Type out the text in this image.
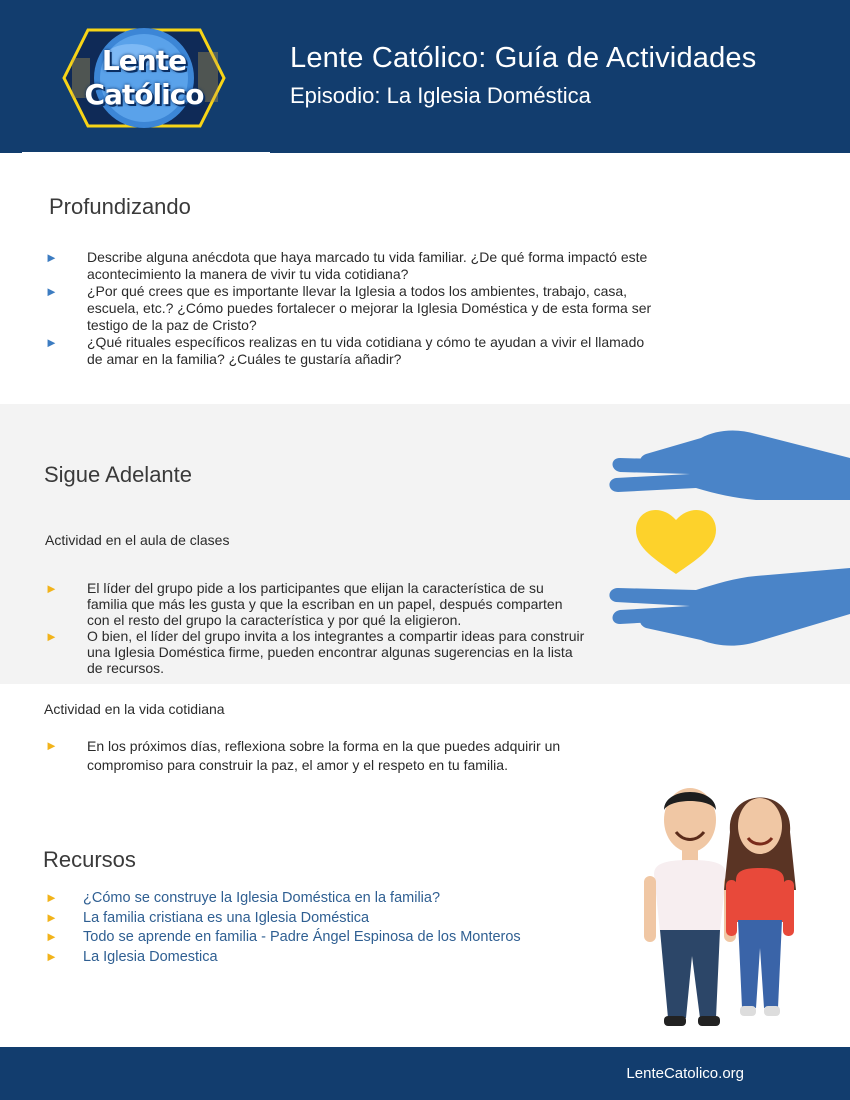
Lente
Católico
Lente Católico: Guía de Actividades
Episodio: La Iglesia Doméstica
Profundizando
► Describe alguna anécdota que haya marcado tu vida familiar. ¿De qué forma impactó este acontecimiento la manera de vivir tu vida cotidiana?
► ¿Por qué crees que es importante llevar la Iglesia a todos los ambientes, trabajo, casa, escuela, etc.? ¿Cómo puedes fortalecer o mejorar la Iglesia Doméstica y de esta forma ser testigo de la paz de Cristo?
► ¿Qué rituales específicos realizas en tu vida cotidiana y cómo te ayudan a vivir el llamado de amar en la familia? ¿Cuáles te gustaría añadir?
Sigue Adelante
Actividad en el aula de clases
► El líder del grupo pide a los participantes que elijan la característica de su familia que más les gusta y que la escriban en un papel, después comparten con el resto del grupo la característica y por qué la eligieron.
► O bien, el líder del grupo invita a los integrantes a compartir ideas para construir una Iglesia Doméstica firme, pueden encontrar algunas sugerencias en la lista de recursos.
Actividad en la vida cotidiana
► En los próximos días, reflexiona sobre la forma en la que puedes adquirir un compromiso para construir la paz, el amor y el respeto en tu familia.
Recursos
► ¿Cómo se construye la Iglesia Doméstica en la familia?
► La familia cristiana es una Iglesia Doméstica
► Todo se aprende en familia - Padre Ángel Espinosa de los Monteros
► La Iglesia Domestica
LenteCatolico.org
